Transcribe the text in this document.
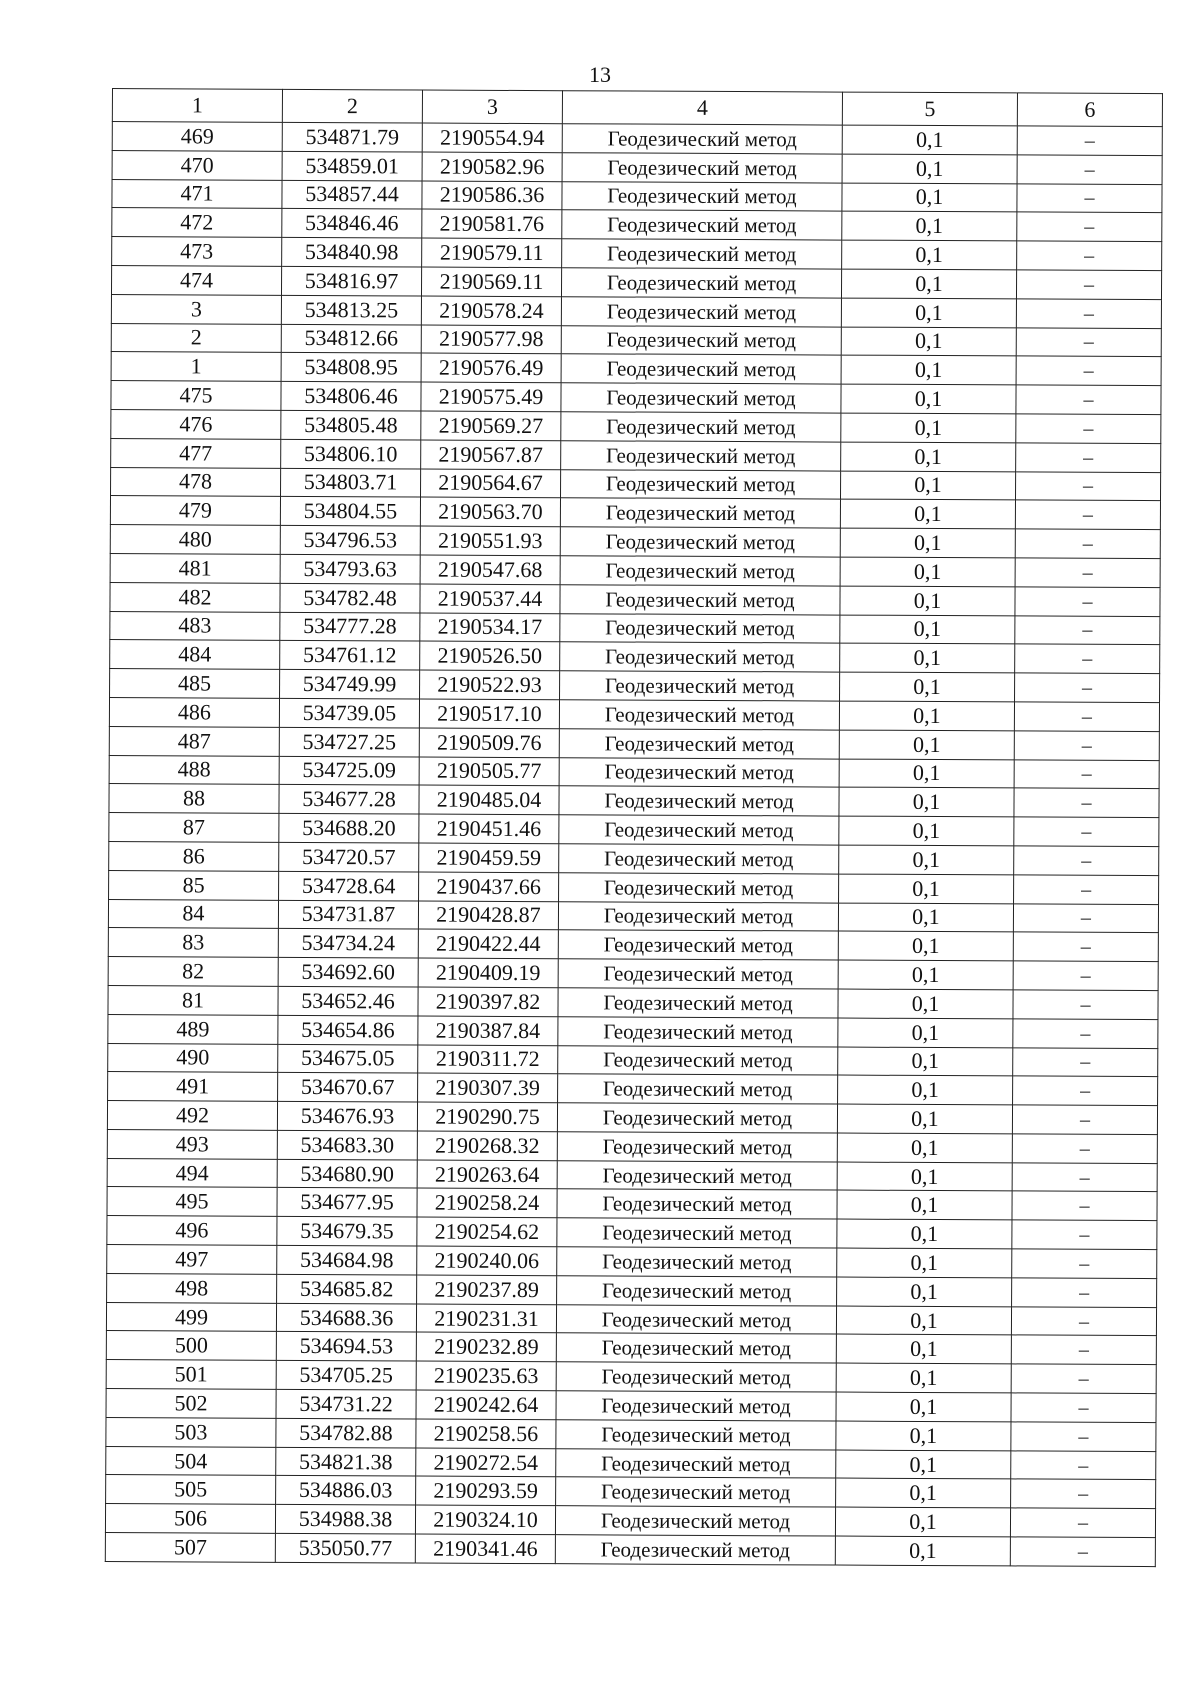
13
1	2	3	4	5	6
469	534871.79	2190554.94	Геодезический метод	0,1	–
470	534859.01	2190582.96	Геодезический метод	0,1	–
471	534857.44	2190586.36	Геодезический метод	0,1	–
472	534846.46	2190581.76	Геодезический метод	0,1	–
473	534840.98	2190579.11	Геодезический метод	0,1	–
474	534816.97	2190569.11	Геодезический метод	0,1	–
3	534813.25	2190578.24	Геодезический метод	0,1	–
2	534812.66	2190577.98	Геодезический метод	0,1	–
1	534808.95	2190576.49	Геодезический метод	0,1	–
475	534806.46	2190575.49	Геодезический метод	0,1	–
476	534805.48	2190569.27	Геодезический метод	0,1	–
477	534806.10	2190567.87	Геодезический метод	0,1	–
478	534803.71	2190564.67	Геодезический метод	0,1	–
479	534804.55	2190563.70	Геодезический метод	0,1	–
480	534796.53	2190551.93	Геодезический метод	0,1	–
481	534793.63	2190547.68	Геодезический метод	0,1	–
482	534782.48	2190537.44	Геодезический метод	0,1	–
483	534777.28	2190534.17	Геодезический метод	0,1	–
484	534761.12	2190526.50	Геодезический метод	0,1	–
485	534749.99	2190522.93	Геодезический метод	0,1	–
486	534739.05	2190517.10	Геодезический метод	0,1	–
487	534727.25	2190509.76	Геодезический метод	0,1	–
488	534725.09	2190505.77	Геодезический метод	0,1	–
88	534677.28	2190485.04	Геодезический метод	0,1	–
87	534688.20	2190451.46	Геодезический метод	0,1	–
86	534720.57	2190459.59	Геодезический метод	0,1	–
85	534728.64	2190437.66	Геодезический метод	0,1	–
84	534731.87	2190428.87	Геодезический метод	0,1	–
83	534734.24	2190422.44	Геодезический метод	0,1	–
82	534692.60	2190409.19	Геодезический метод	0,1	–
81	534652.46	2190397.82	Геодезический метод	0,1	–
489	534654.86	2190387.84	Геодезический метод	0,1	–
490	534675.05	2190311.72	Геодезический метод	0,1	–
491	534670.67	2190307.39	Геодезический метод	0,1	–
492	534676.93	2190290.75	Геодезический метод	0,1	–
493	534683.30	2190268.32	Геодезический метод	0,1	–
494	534680.90	2190263.64	Геодезический метод	0,1	–
495	534677.95	2190258.24	Геодезический метод	0,1	–
496	534679.35	2190254.62	Геодезический метод	0,1	–
497	534684.98	2190240.06	Геодезический метод	0,1	–
498	534685.82	2190237.89	Геодезический метод	0,1	–
499	534688.36	2190231.31	Геодезический метод	0,1	–
500	534694.53	2190232.89	Геодезический метод	0,1	–
501	534705.25	2190235.63	Геодезический метод	0,1	–
502	534731.22	2190242.64	Геодезический метод	0,1	–
503	534782.88	2190258.56	Геодезический метод	0,1	–
504	534821.38	2190272.54	Геодезический метод	0,1	–
505	534886.03	2190293.59	Геодезический метод	0,1	–
506	534988.38	2190324.10	Геодезический метод	0,1	–
507	535050.77	2190341.46	Геодезический метод	0,1	–
